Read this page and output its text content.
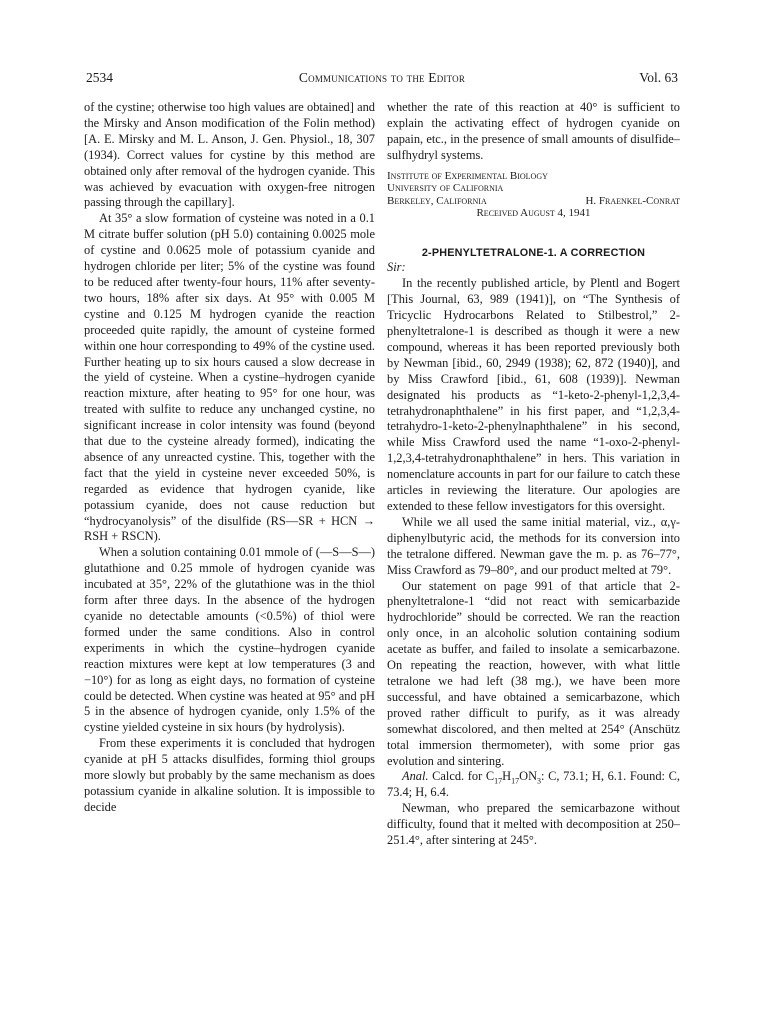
2534	Communications to the Editor	Vol. 63

of the cystine; otherwise too high values are obtained] and the Mirsky and Anson modification of the Folin method) [A. E. Mirsky and M. L. Anson, J. Gen. Physiol., 18, 307 (1934). Correct values for cystine by this method are obtained only after removal of the hydrogen cyanide. This was achieved by evacuation with oxygen-free nitrogen passing through the capillary].

At 35° a slow formation of cysteine was noted in a 0.1 M citrate buffer solution (pH 5.0) containing 0.0025 mole of cystine and 0.0625 mole of potassium cyanide and hydrogen chloride per liter; 5% of the cystine was found to be reduced after twenty-four hours, 11% after seventy-two hours, 18% after six days. At 95° with 0.005 M cystine and 0.125 M hydrogen cyanide the reaction proceeded quite rapidly, the amount of cysteine formed within one hour corresponding to 49% of the cystine used. Further heating up to six hours caused a slow decrease in the yield of cysteine. When a cystine–hydrogen cyanide reaction mixture, after heating to 95° for one hour, was treated with sulfite to reduce any unchanged cystine, no significant increase in color intensity was found (beyond that due to the cysteine already formed), indicating the absence of any unreacted cystine. This, together with the fact that the yield in cysteine never exceeded 50%, is regarded as evidence that hydrogen cyanide, like potassium cyanide, does not cause reduction but “hydrocyanolysis” of the disulfide (RS—SR + HCN → RSH + RSCN).

When a solution containing 0.01 mmole of (—S—S—) glutathione and 0.25 mmole of hydrogen cyanide was incubated at 35°, 22% of the glutathione was in the thiol form after three days. In the absence of the hydrogen cyanide no detectable amounts (<0.5%) of thiol were formed under the same conditions. Also in control experiments in which the cystine–hydrogen cyanide reaction mixtures were kept at low temperatures (3 and −10°) for as long as eight days, no formation of cysteine could be detected. When cystine was heated at 95° and pH 5 in the absence of hydrogen cyanide, only 1.5% of the cystine yielded cysteine in six hours (by hydrolysis).

From these experiments it is concluded that hydrogen cyanide at pH 5 attacks disulfides, forming thiol groups more slowly but probably by the same mechanism as does potassium cyanide in alkaline solution. It is impossible to decide

whether the rate of this reaction at 40° is sufficient to explain the activating effect of hydrogen cyanide on papain, etc., in the presence of small amounts of disulfide–sulfhydryl systems.

Institute of Experimental Biology
University of California
Berkeley, California	H. Fraenkel-Conrat
Received August 4, 1941
2-PHENYLTETRALONE-1. A CORRECTION

Sir:

In the recently published article, by Plentl and Bogert [This Journal, 63, 989 (1941)], on “The Synthesis of Tricyclic Hydrocarbons Related to Stilbestrol,” 2-phenyltetralone-1 is described as though it were a new compound, whereas it has been reported previously both by Newman [ibid., 60, 2949 (1938); 62, 872 (1940)], and by Miss Crawford [ibid., 61, 608 (1939)]. Newman designated his products as “1-keto-2-phenyl-1,2,3,4-tetrahydronaphthalene” in his first paper, and “1,2,3,4-tetrahydro-1-keto-2-phenylnaphthalene” in his second, while Miss Crawford used the name “1-oxo-2-phenyl-1,2,3,4-tetrahydronaphthalene” in hers. This variation in nomenclature accounts in part for our failure to catch these articles in reviewing the literature. Our apologies are extended to these fellow investigators for this oversight.

While we all used the same initial material, viz., α,γ-diphenylbutyric acid, the methods for its conversion into the tetralone differed. Newman gave the m. p. as 76–77°, Miss Crawford as 79–80°, and our product melted at 79°.

Our statement on page 991 of that article that 2-phenyltetralone-1 “did not react with semicarbazide hydrochloride” should be corrected. We ran the reaction only once, in an alcoholic solution containing sodium acetate as buffer, and failed to insolate a semicarbazone. On repeating the reaction, however, with what little tetralone we had left (38 mg.), we have been more successful, and have obtained a semicarbazone, which proved rather difficult to purify, as it was already somewhat discolored, and then melted at 254° (Anschütz total immersion thermometer), with some prior gas evolution and sintering.

Anal. Calcd. for $C_{17}H_{17}ON_3$: C, 73.1; H, 6.1. Found: C, 73.4; H, 6.4.

Newman, who prepared the semicarbazone without difficulty, found that it melted with decomposition at 250–251.4°, after sintering at 245°.
